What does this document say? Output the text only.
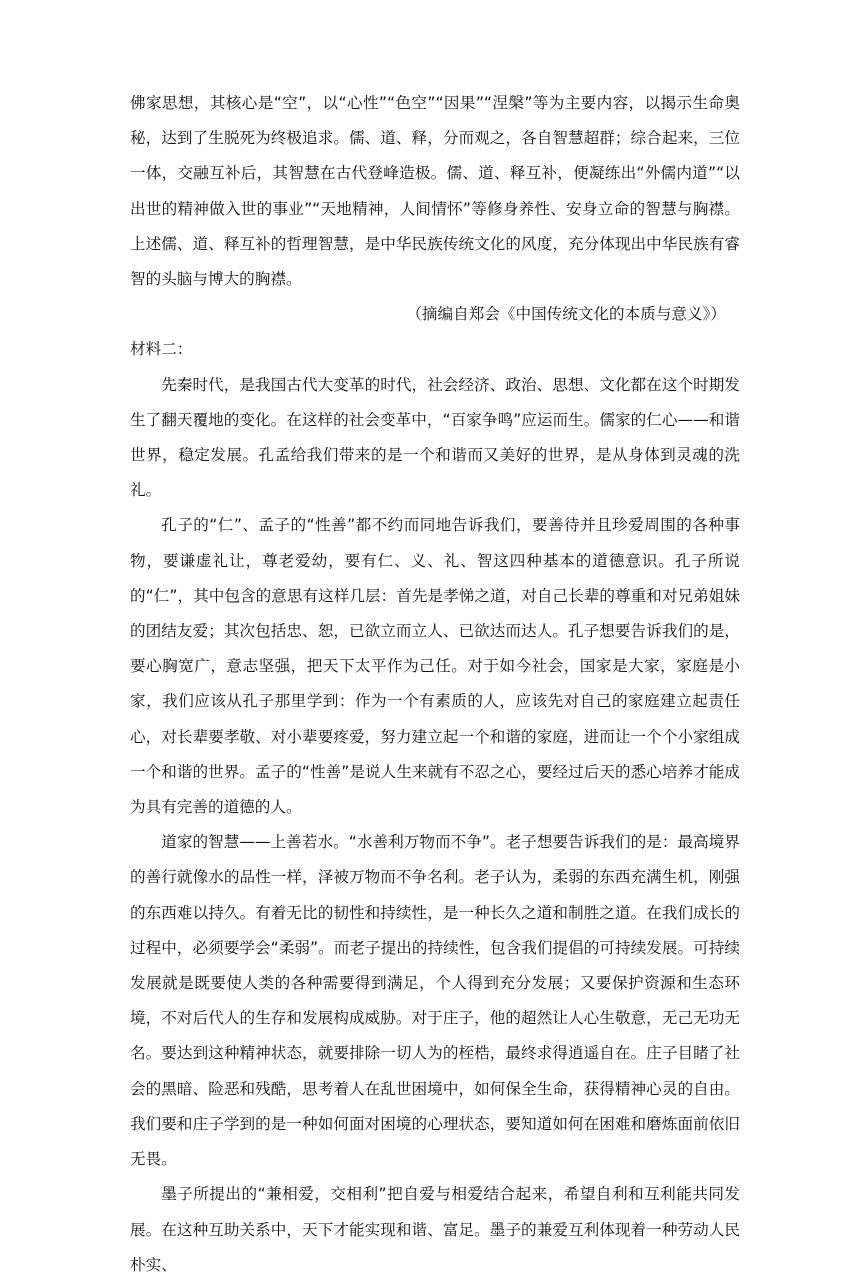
佛家思想，其核心是“空”，以“心性”“色空”“因果”“涅槃”等为主要内容，以揭示生命奥秘，达到了生脱死为终极追求。儒、道、释，分而观之，各自智慧超群；综合起来，三位一体，交融互补后，其智慧在古代登峰造极。儒、道、释互补，便凝练出“外儒内道”“以出世的精神做入世的事业”“天地精神，人间情怀”等修身养性、安身立命的智慧与胸襟。上述儒、道、释互补的哲理智慧，是中华民族传统文化的风度，充分体现出中华民族有睿智的头脑与博大的胸襟。

（摘编自郑会《中国传统文化的本质与意义》）

材料二：

先秦时代，是我国古代大变革的时代，社会经济、政治、思想、文化都在这个时期发生了翻天覆地的变化。在这样的社会变革中，“百家争鸣”应运而生。儒家的仁心——和谐世界，稳定发展。孔孟给我们带来的是一个和谐而又美好的世界，是从身体到灵魂的洗礼。

孔子的“仁”、孟子的“性善”都不约而同地告诉我们，要善待并且珍爱周围的各种事物，要谦虚礼让，尊老爱幼，要有仁、义、礼、智这四种基本的道德意识。孔子所说的“仁”，其中包含的意思有这样几层：首先是孝悌之道，对自己长辈的尊重和对兄弟姐妹的团结友爱；其次包括忠、恕，已欲立而立人、已欲达而达人。孔子想要告诉我们的是，要心胸宽广，意志坚强，把天下太平作为己任。对于如今社会，国家是大家，家庭是小家，我们应该从孔子那里学到：作为一个有素质的人，应该先对自己的家庭建立起责任心，对长辈要孝敬、对小辈要疼爱，努力建立起一个和谐的家庭，进而让一个个小家组成一个和谐的世界。孟子的“性善”是说人生来就有不忍之心，要经过后天的悉心培养才能成为具有完善的道德的人。

道家的智慧——上善若水。“水善利万物而不争”。老子想要告诉我们的是：最高境界的善行就像水的品性一样，泽被万物而不争名利。老子认为，柔弱的东西充满生机，刚强的东西难以持久。有着无比的韧性和持续性，是一种长久之道和制胜之道。在我们成长的过程中，必须要学会“柔弱”。而老子提出的持续性，包含我们提倡的可持续发展。可持续发展就是既要使人类的各种需要得到满足，个人得到充分发展；又要保护资源和生态环境，不对后代人的生存和发展构成威胁。对于庄子，他的超然让人心生敬意，无己无功无名。要达到这种精神状态，就要排除一切人为的桎梏，最终求得逍遥自在。庄子目睹了社会的黑暗、险恶和残酷，思考着人在乱世困境中，如何保全生命，获得精神心灵的自由。我们要和庄子学到的是一种如何面对困境的心理状态，要知道如何在困难和磨炼面前依旧无畏。

墨子所提出的“兼相爱，交相利”把自爱与相爱结合起来，希望自利和互利能共同发展。在这种互助关系中，天下才能实现和谐、富足。墨子的兼爱互利体现着一种劳动人民朴实、
